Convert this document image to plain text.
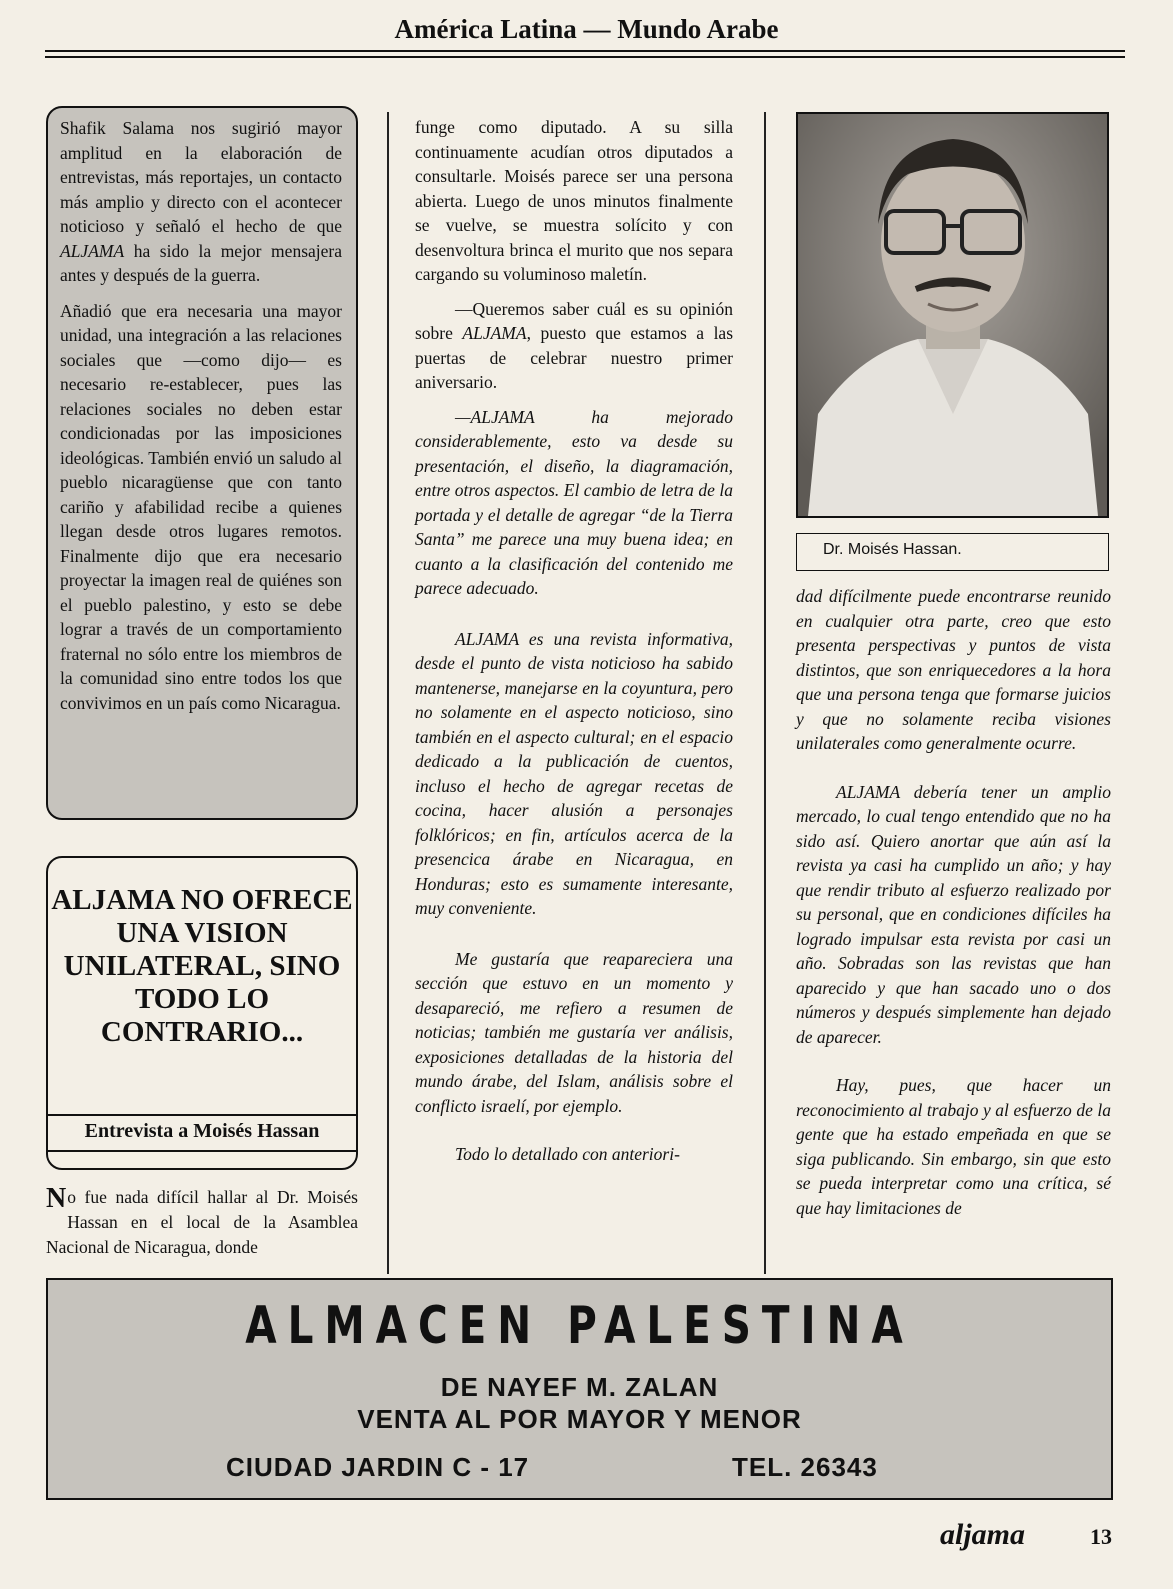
América Latina — Mundo Arabe

Shafik Salama nos sugirió mayor amplitud en la elaboración de entrevistas, más reportajes, un contacto más amplio y directo con el acontecer noticioso y señaló el hecho de que ALJAMA ha sido la mejor mensajera antes y después de la guerra.

Añadió que era necesaria una mayor unidad, una integración a las relaciones sociales que —como dijo— es necesario re-establecer, pues las relaciones sociales no deben estar condicionadas por las imposiciones ideológicas. También envió un saludo al pueblo nicaragüense que con tanto cariño y afabilidad recibe a quienes llegan desde otros lugares remotos. Finalmente dijo que era necesario proyectar la imagen real de quiénes son el pueblo palestino, y esto se debe lograr a través de un comportamiento fraternal no sólo entre los miembros de la comunidad sino entre todos los que convivimos en un país como Nicaragua.

ALJAMA NO OFRECE UNA VISION UNILATERAL, SINO TODO LO CONTRARIO...
Entrevista a Moisés Hassan

No fue nada difícil hallar al Dr. Moisés Hassan en el local de la Asamblea Nacional de Nicaragua, donde

funge como diputado. A su silla continuamente acudían otros diputados a consultarle. Moisés parece ser una persona abierta. Luego de unos minutos finalmente se vuelve, se muestra solícito y con desenvoltura brinca el murito que nos separa cargando su voluminoso maletín.

—Queremos saber cuál es su opinión sobre ALJAMA, puesto que estamos a las puertas de celebrar nuestro primer aniversario.

—ALJAMA ha mejorado considerablemente, esto va desde su presentación, el diseño, la diagramación, entre otros aspectos. El cambio de letra de la portada y el detalle de agregar “de la Tierra Santa” me parece una muy buena idea; en cuanto a la clasificación del contenido me parece adecuado.

ALJAMA es una revista informativa, desde el punto de vista noticioso ha sabido mantenerse, manejarse en la coyuntura, pero no solamente en el aspecto noticioso, sino también en el aspecto cultural; en el espacio dedicado a la publicación de cuentos, incluso el hecho de agregar recetas de cocina, hacer alusión a personajes folklóricos; en fin, artículos acerca de la presencica árabe en Nicaragua, en Honduras; esto es sumamente interesante, muy conveniente.

Me gustaría que reapareciera una sección que estuvo en un momento y desapareció, me refiero a resumen de noticias; también me gustaría ver análisis, exposiciones detalladas de la historia del mundo árabe, del Islam, análisis sobre el conflicto israelí, por ejemplo.

Todo lo detallado con anteriori-

Dr. Moisés Hassan.

dad difícilmente puede encontrarse reunido en cualquier otra parte, creo que esto presenta perspectivas y puntos de vista distintos, que son enriquecedores a la hora que una persona tenga que formarse juicios y que no solamente reciba visiones unilaterales como generalmente ocurre.

ALJAMA debería tener un amplio mercado, lo cual tengo entendido que no ha sido así. Quiero anortar que aún así la revista ya casi ha cumplido un año; y hay que rendir tributo al esfuerzo realizado por su personal, que en condiciones difíciles ha logrado impulsar esta revista por casi un año. Sobradas son las revistas que han aparecido y que han sacado uno o dos números y después simplemente han dejado de aparecer.

Hay, pues, que hacer un reconocimiento al trabajo y al esfuerzo de la gente que ha estado empeñada en que se siga publicando. Sin embargo, sin que esto se pueda interpretar como una crítica, sé que hay limitaciones de

ALMACEN PALESTINA
DE NAYEF M. ZALAN
VENTA AL POR MAYOR Y MENOR
CIUDAD JARDIN C - 17	TEL. 26343
aljama	13
